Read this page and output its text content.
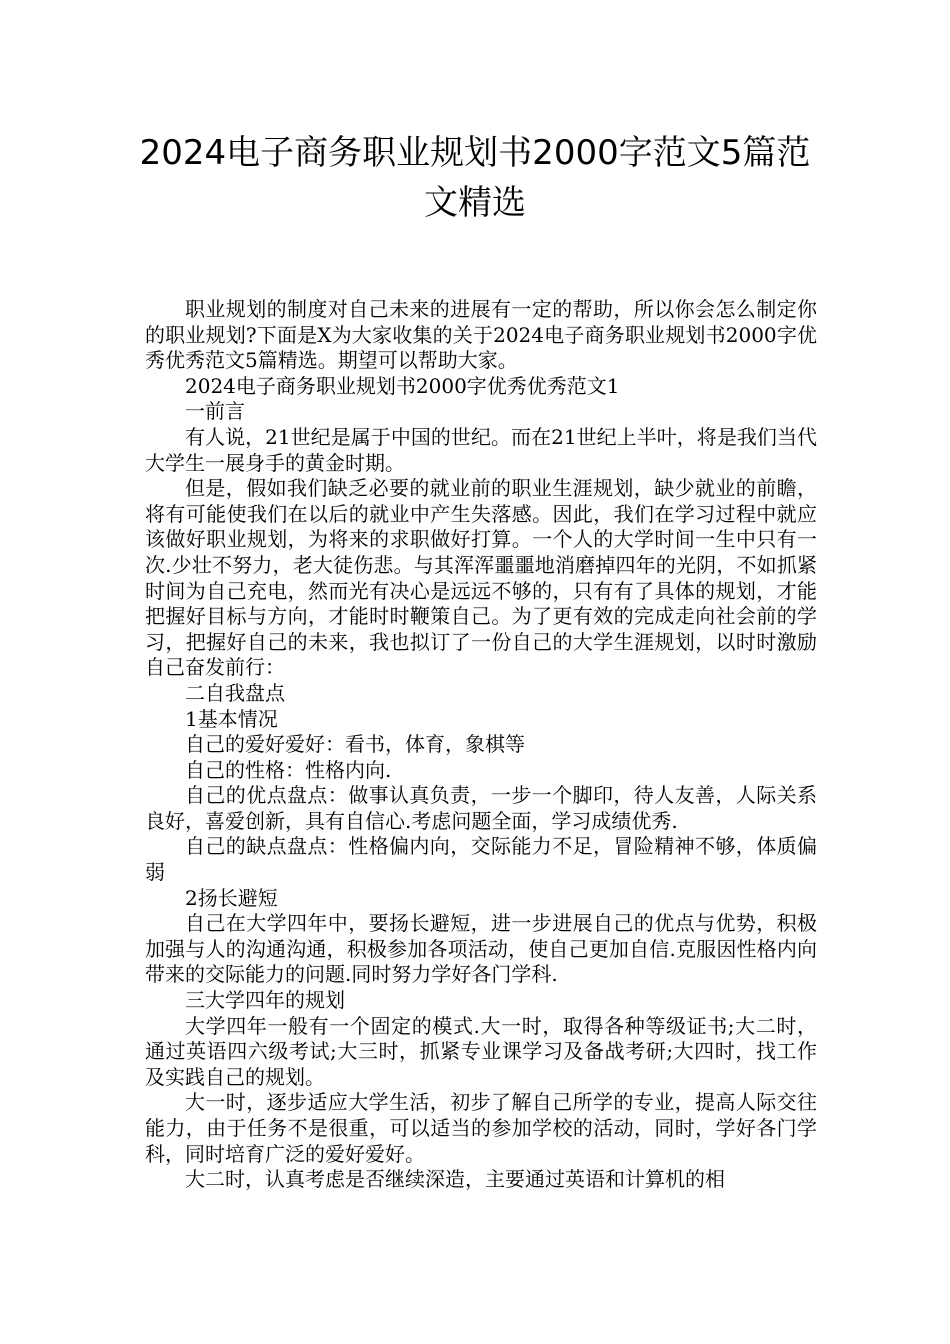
2024电子商务职业规划书2000字范文5篇范文精选

职业规划的制度对自己未来的进展有一定的帮助，所以你会怎么制定你的职业规划?下面是X为大家收集的关于2024电子商务职业规划书2000字优秀优秀范文5篇精选。期望可以帮助大家。

2024电子商务职业规划书2000字优秀优秀范文1

一前言

有人说，21世纪是属于中国的世纪。而在21世纪上半叶，将是我们当代大学生一展身手的黄金时期。

但是，假如我们缺乏必要的就业前的职业生涯规划，缺少就业的前瞻，将有可能使我们在以后的就业中产生失落感。因此，我们在学习过程中就应该做好职业规划，为将来的求职做好打算。一个人的大学时间一生中只有一次.少壮不努力，老大徒伤悲。与其浑浑噩噩地消磨掉四年的光阴，不如抓紧时间为自己充电，然而光有决心是远远不够的，只有有了具体的规划，才能把握好目标与方向，才能时时鞭策自己。为了更有效的完成走向社会前的学习，把握好自己的未来，我也拟订了一份自己的大学生涯规划，以时时激励自己奋发前行：

二自我盘点

1基本情况

自己的爱好爱好：看书，体育，象棋等

自己的性格：性格内向.

自己的优点盘点：做事认真负责，一步一个脚印，待人友善，人际关系良好，喜爱创新，具有自信心.考虑问题全面，学习成绩优秀.

自己的缺点盘点：性格偏内向，交际能力不足，冒险精神不够，体质偏弱

2扬长避短

自己在大学四年中，要扬长避短，进一步进展自己的优点与优势，积极加强与人的沟通沟通，积极参加各项活动，使自己更加自信.克服因性格内向带来的交际能力的问题.同时努力学好各门学科.

三大学四年的规划

大学四年一般有一个固定的模式.大一时，取得各种等级证书;大二时，通过英语四六级考试;大三时，抓紧专业课学习及备战考研;大四时，找工作及实践自己的规划。

大一时，逐步适应大学生活，初步了解自己所学的专业，提高人际交往能力，由于任务不是很重，可以适当的参加学校的活动，同时，学好各门学科，同时培育广泛的爱好爱好。

大二时，认真考虑是否继续深造，主要通过英语和计算机的相
